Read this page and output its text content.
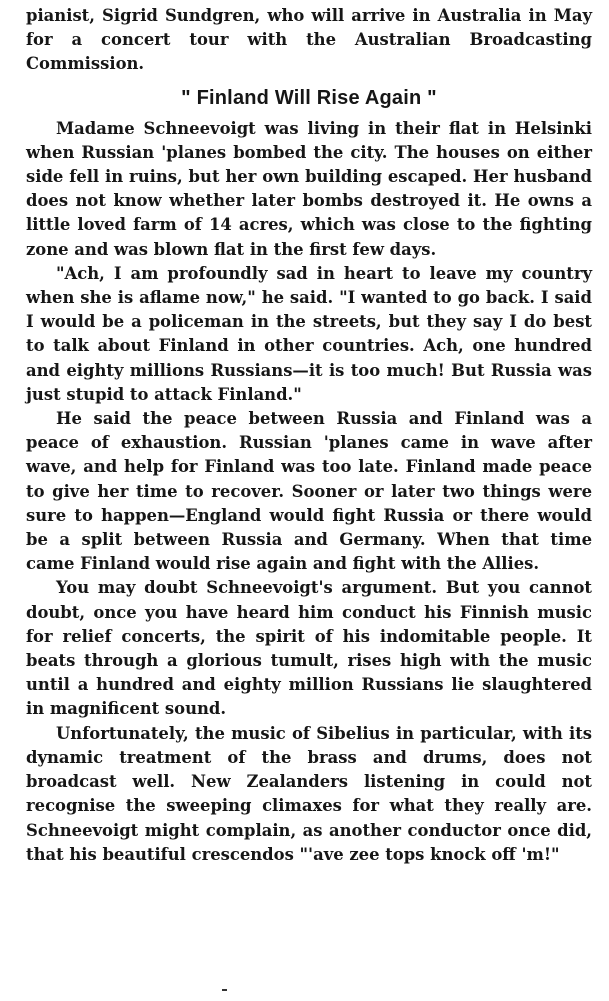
pianist, Sigrid Sundgren, who will arrive in Australia in May for a concert tour with the Australian Broadcasting Commission.

" Finland Will Rise Again "

Madame Schneevoigt was living in their flat in Helsinki when Russian 'planes bombed the city. The houses on either side fell in ruins, but her own building escaped. Her husband does not know whether later bombs destroyed it. He owns a little loved farm of 14 acres, which was close to the fighting zone and was blown flat in the first few days.

"Ach, I am profoundly sad in heart to leave my country when she is aflame now," he said. "I wanted to go back. I said I would be a policeman in the streets, but they say I do best to talk about Finland in other countries. Ach, one hundred and eighty millions Russians—it is too much! But Russia was just stupid to attack Finland."

He said the peace between Russia and Finland was a peace of exhaustion. Russian 'planes came in wave after wave, and help for Finland was too late. Finland made peace to give her time to recover. Sooner or later two things were sure to happen—England would fight Russia or there would be a split between Russia and Germany. When that time came Finland would rise again and fight with the Allies.

You may doubt Schneevoigt's argument. But you cannot doubt, once you have heard him conduct his Finnish music for relief concerts, the spirit of his indomitable people. It beats through a glorious tumult, rises high with the music until a hundred and eighty million Russians lie slaughtered in magnificent sound.

Unfortunately, the music of Sibelius in particular, with its dynamic treatment of the brass and drums, does not broadcast well. New Zealanders listening in could not recognise the sweeping climaxes for what they really are. Schneevoigt might complain, as another conductor once did, that his beautiful crescendos "'ave zee tops knock off 'm!"
